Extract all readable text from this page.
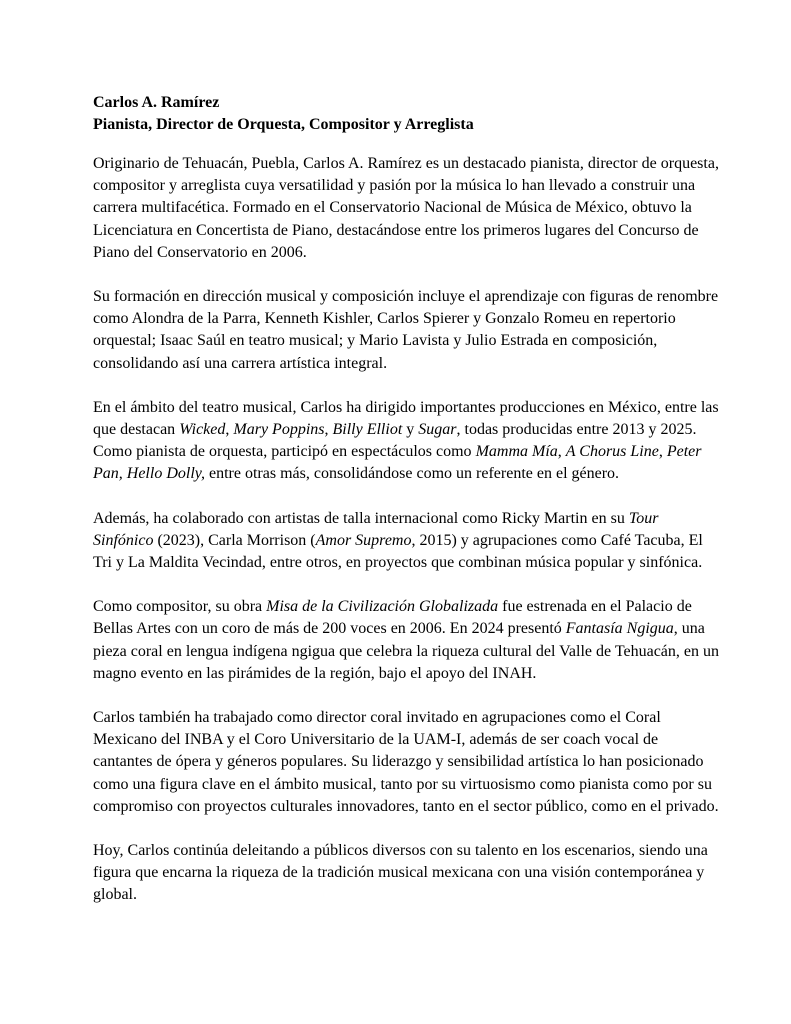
Carlos A. Ramírez

Pianista, Director de Orquesta, Compositor y Arreglista

Originario de Tehuacán, Puebla, Carlos A. Ramírez es un destacado pianista, director de orquesta, compositor y arreglista cuya versatilidad y pasión por la música lo han llevado a construir una carrera multifacética. Formado en el Conservatorio Nacional de Música de México, obtuvo la Licenciatura en Concertista de Piano, destacándose entre los primeros lugares del Concurso de Piano del Conservatorio en 2006.

Su formación en dirección musical y composición incluye el aprendizaje con figuras de renombre como Alondra de la Parra, Kenneth Kishler, Carlos Spierer y Gonzalo Romeu en repertorio orquestal; Isaac Saúl en teatro musical; y Mario Lavista y Julio Estrada en composición, consolidando así una carrera artística integral.

En el ámbito del teatro musical, Carlos ha dirigido importantes producciones en México, entre las que destacan Wicked, Mary Poppins, Billy Elliot y Sugar, todas producidas entre 2013 y 2025. Como pianista de orquesta, participó en espectáculos como Mamma Mía, A Chorus Line, Peter Pan, Hello Dolly, entre otras más, consolidándose como un referente en el género.

Además, ha colaborado con artistas de talla internacional como Ricky Martin en su Tour Sinfónico (2023), Carla Morrison (Amor Supremo, 2015) y agrupaciones como Café Tacuba, El Tri y La Maldita Vecindad, entre otros, en proyectos que combinan música popular y sinfónica.

Como compositor, su obra Misa de la Civilización Globalizada fue estrenada en el Palacio de Bellas Artes con un coro de más de 200 voces en 2006. En 2024 presentó Fantasía Ngigua, una pieza coral en lengua indígena ngigua que celebra la riqueza cultural del Valle de Tehuacán, en un magno evento en las pirámides de la región, bajo el apoyo del INAH.

Carlos también ha trabajado como director coral invitado en agrupaciones como el Coral Mexicano del INBA y el Coro Universitario de la UAM-I, además de ser coach vocal de cantantes de ópera y géneros populares. Su liderazgo y sensibilidad artística lo han posicionado como una figura clave en el ámbito musical, tanto por su virtuosismo como pianista como por su compromiso con proyectos culturales innovadores, tanto en el sector público, como en el privado.

Hoy, Carlos continúa deleitando a públicos diversos con su talento en los escenarios, siendo una figura que encarna la riqueza de la tradición musical mexicana con una visión contemporánea y global.
